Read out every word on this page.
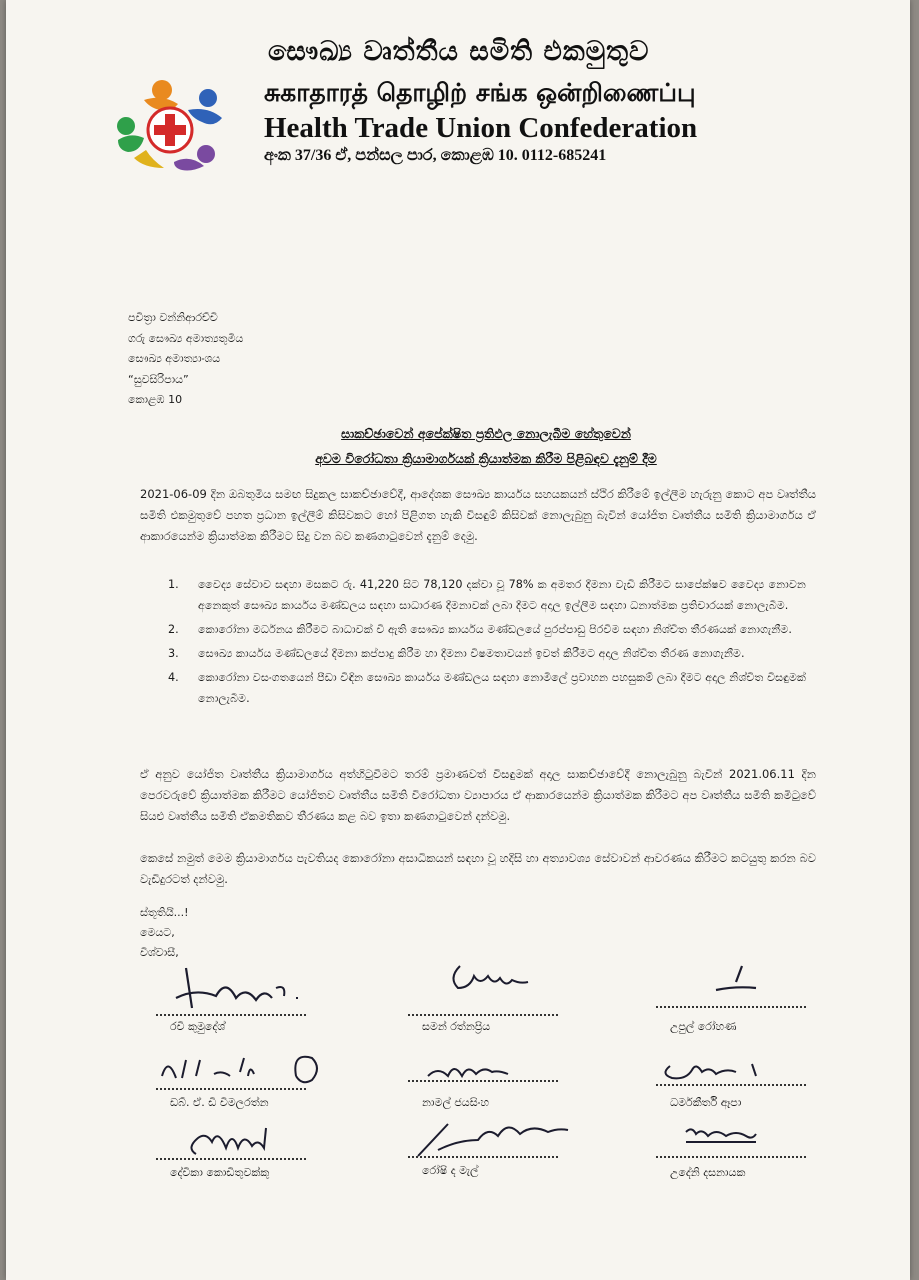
සෞඛ්‍ය වෘත්තීය සමිති එකමුතුව
சுகாதாரத் தொழிற் சங்க ஒன்றிணைப்பு
Health Trade Union Confederation
අංක 37/36 ඒ, පන්සල පාර, කොළඹ 10. 0112-685241
පවිත්‍රා වන්නිආරච්චි
ගරු සෞඛ්‍ය අමාත්‍යතුමිය
සෞඛ්‍ය අමාත්‍යාංශය
“සුවසිරිපාය”
කොළඹ 10
සාකච්ඡාවෙන් අපේක්ෂිත ප්‍රතිඵල නොලැබීම හේතුවෙන්
අවම විරෝධතා ක්‍රියාමාර්ගයක් ක්‍රියාත්මක කිරීම පිළිබඳව දැනුම් දීම
2021-06-09 දින ඔබතුමිය සමඟ සිදුකල සාකච්ඡාවේදී, ආදේශක සෞඛ්‍ය කාර්යය සහයකයන් ස්ථිර කිරීමේ ඉල්ලීම හැරුනු කොට අප වෘත්තීය සමිති එකමුතුවේ පහත ප්‍රධාන ඉල්ලීම් කිසිවකට හෝ පිළිගත හැකි විසඳුම් කිසිවක් නොලැබුනු බැවින් යෝජිත වෘත්තීය සමිති ක්‍රියාමාර්ගය ඒ ආකාරයෙන්ම ක්‍රියාත්මක කිරීමට සිදු වන බව කණගාටුවෙන් දැනුම් දෙමු.
1. වෛද්‍ය සේවාව සඳහා මසකට රු. 41,220 සිට 78,120 දක්වා වූ 78% ක අමතර දීමනා වැඩි කිරීමට සාපේක්ෂව වෛද්‍ය නොවන අනෙකුත් සෞඛ්‍ය කාර්යය මණ්ඩලය සඳහා සාධාරණ දීමනාවක් ලබා දීමට අදාල ඉල්ලීම සඳහා ධනාත්මක ප්‍රතිචාරයක් නොලැබීම.
2. කොරෝනා මර්ධනය කිරීමට බාධාවක් වී ඇති සෞඛ්‍ය කාර්යය මණ්ඩලයේ පුරප්පාඩු පිරවීම සඳහා නිශ්චිත තීරණයක් නොගැනීම.
3. සෞඛ්‍ය කාර්යය මණ්ඩලයේ දීමනා කප්පාදු කිරීම හා දීමනා විෂමතාවයන් ඉවත් කිරීමට අදාල නිශ්චිත තීරණ නොගැනීම.
4. කොරෝනා වසංගතයෙන් පීඩා විඳින සෞඛ්‍ය කාර්යය මණ්ඩලය සඳහා නොමිලේ ප්‍රවාහන පහසුකම් ලබා දීමට අදාල නිශ්චිත විසඳුමක් නොලැබීම.
ඒ අනුව යෝජිත වෘත්තීය ක්‍රියාමාර්ගය අත්හිටුවීමට තරම් ප්‍රමාණවත් විසඳුමක් අදාල සාකච්ඡාවේදී නොලැබුනු බැවින් 2021.06.11 දින පෙරවරුවේ ක්‍රියාත්මක කිරීමට යෝජිතව වෘත්තීය සමිති විරෝධතා ව්‍යාපාරය ඒ ආකාරයෙන්ම ක්‍රියාත්මක කිරීමට අප වෘත්තීය සමිති කමිටුවේ සියළු වෘත්තීය සමිති ඒකමතිකව තීරණය කළ බව ඉතා කණගාටුවෙන් දන්වමු.
කෙසේ නමුත් මෙම ක්‍රියාමාර්ගය පැවතියද කොරෝනා අසාධිකයන් සඳහා වූ හදිසි හා අත්‍යාවශ්‍ය සේවාවන් ආවරණය කිරීමට කටයුතු කරන බව වැඩිදුරටත් දන්වමු.
ස්තූතියි...!
මෙයට,
විශ්වාසී,
රවී කුමුදේශ්	සමන් රත්නප්‍රිය	උපුල් රෝහණ
ඩබ්. ඒ. ඩී විමලරත්න	නාමල් ජයසිංහ	ධර්මකීර්ති ඈපා
දේවිකා කොඩිතුවක්කු	රෝෂි ද මැල්	උදේනි දසනායක
